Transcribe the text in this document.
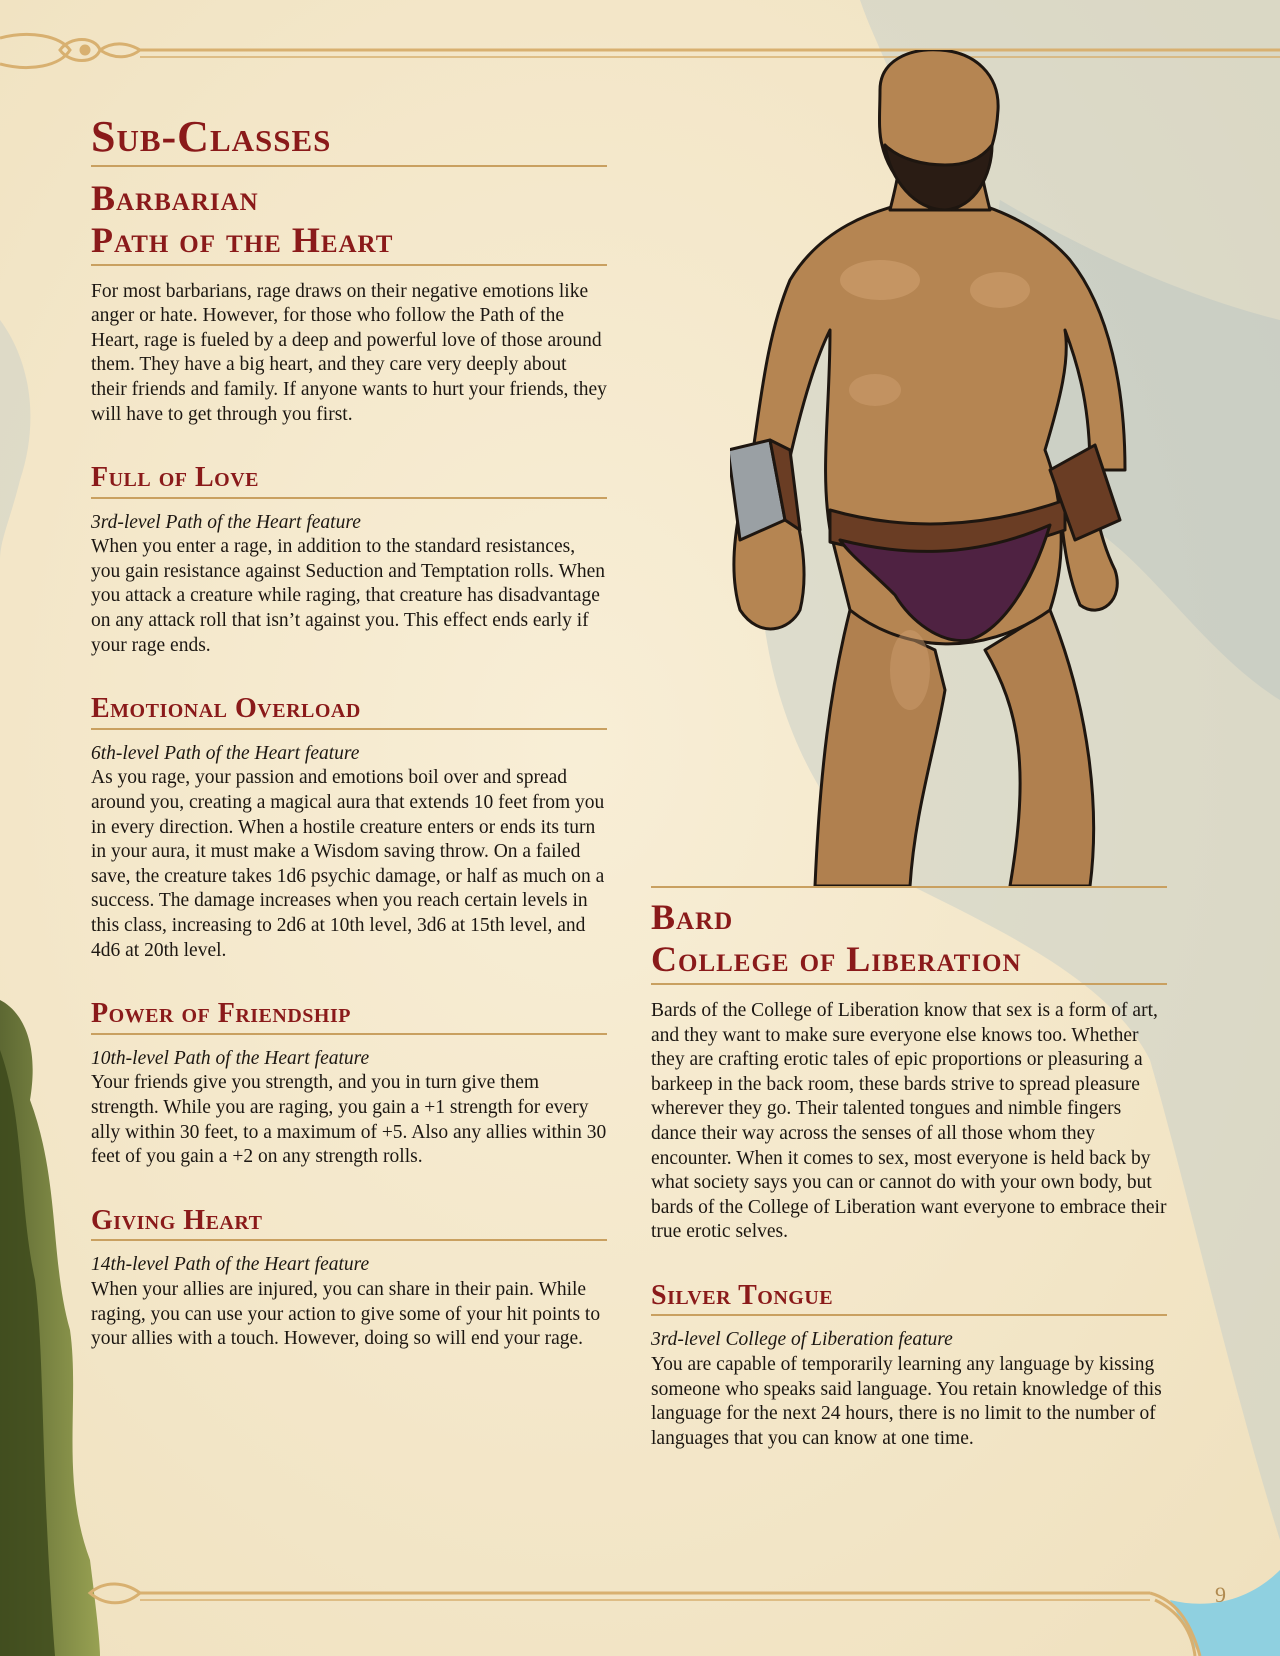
Sub-Classes
Barbarian
Path of the Heart

For most barbarians, rage draws on their negative emotions like anger or hate. However, for those who follow the Path of the Heart, rage is fueled by a deep and powerful love of those around them. They have a big heart, and they care very deeply about their friends and family. If anyone wants to hurt your friends, they will have to get through you first.

Full of Love

3rd-level Path of the Heart feature
When you enter a rage, in addition to the standard resistances, you gain resistance against Seduction and Temptation rolls. When you attack a creature while raging, that creature has disadvantage on any attack roll that isn’t against you. This effect ends early if your rage ends.

Emotional Overload

6th-level Path of the Heart feature
As you rage, your passion and emotions boil over and spread around you, creating a magical aura that extends 10 feet from you in every direction. When a hostile creature enters or ends its turn in your aura, it must make a Wisdom saving throw. On a failed save, the creature takes 1d6 psychic damage, or half as much on a success. The damage increases when you reach certain levels in this class, increasing to 2d6 at 10th level, 3d6 at 15th level, and 4d6 at 20th level.

Power of Friendship

10th-level Path of the Heart feature
Your friends give you strength, and you in turn give them strength. While you are raging, you gain a +1 strength for every ally within 30 feet, to a maximum of +5. Also any allies within 30 feet of you gain a +2 on any strength rolls.

Giving Heart

14th-level Path of the Heart feature
When your allies are injured, you can share in their pain. While raging, you can use your action to give some of your hit points to your allies with a touch. However, doing so will end your rage.

Bard
College of Liberation

Bards of the College of Liberation know that sex is a form of art, and they want to make sure everyone else knows too. Whether they are crafting erotic tales of epic proportions or pleasuring a barkeep in the back room, these bards strive to spread pleasure wherever they go. Their talented tongues and nimble fingers dance their way across the senses of all those whom they encounter. When it comes to sex, most everyone is held back by what society says you can or cannot do with your own body, but bards of the College of Liberation want everyone to embrace their true erotic selves.

Silver Tongue

3rd-level College of Liberation feature
You are capable of temporarily learning any language by kissing someone who speaks said language. You retain knowledge of this language for the next 24 hours, there is no limit to the number of languages that you can know at one time.

9
